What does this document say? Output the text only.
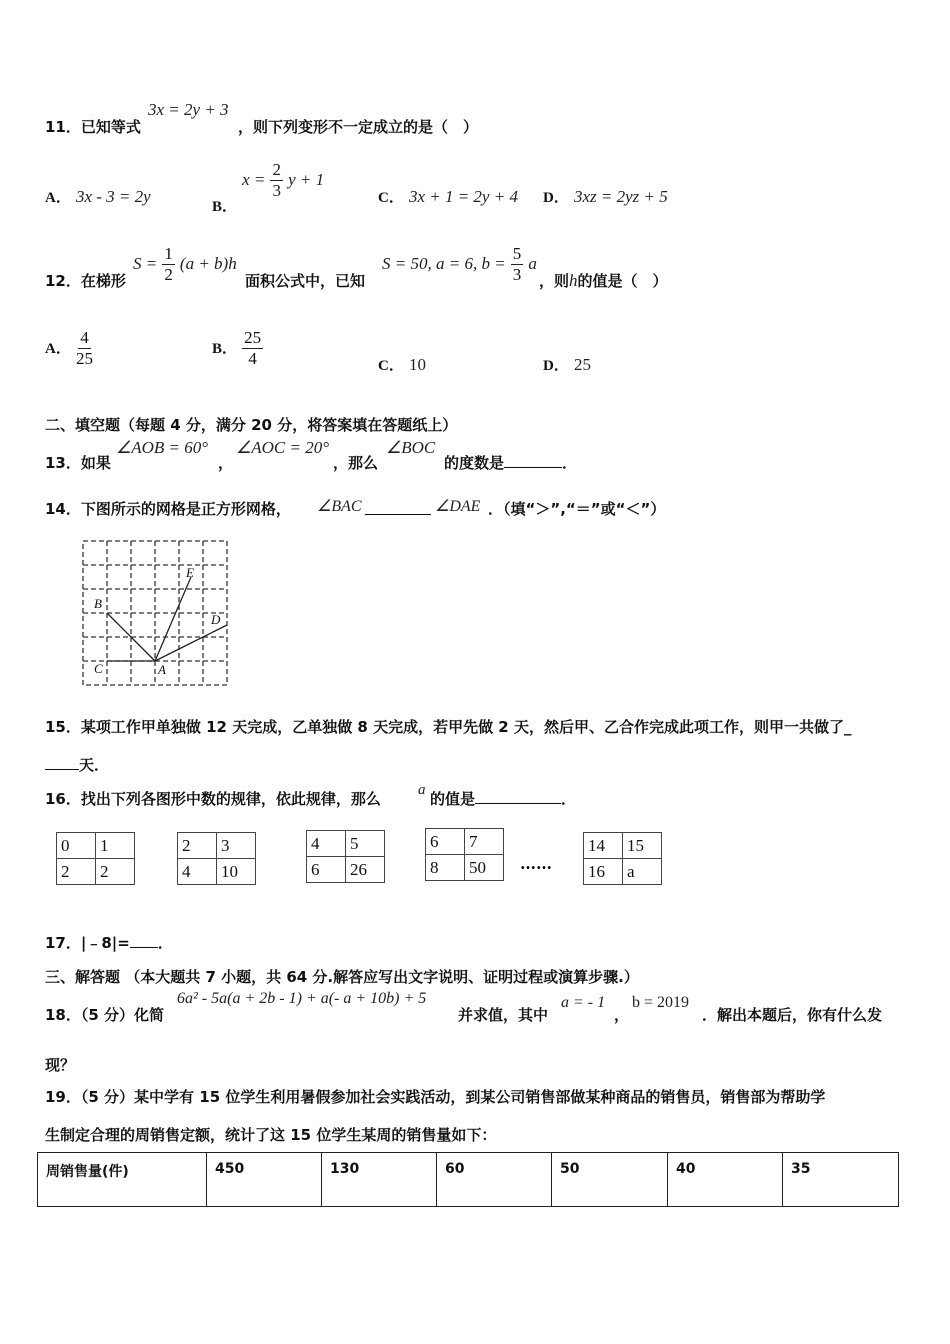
11．已知等式
3x = 2y + 3
，则下列变形不一定成立的是（　）
A． 3x - 3 = 2y
B． $x = \frac{2}{3}$ y + 1
C． 3x + 1 = 2y + 4 D． 3xz = 2yz + 5
12．在梯形
$S = \frac{1}{2} (a + b)h$
面积公式中，已知
S = 50, a = 6, $b = \frac{5}{3}$ a
，则h的值是（　）
A． $\frac{4}{25}$	B． $\frac{25}{4}$	C． 10	D． 25
二、填空题（每题 4 分，满分 20 分，将答案填在答题纸上）
13．如果
∠AOB = 60°
，
∠AOC = 20°
，那么
∠BOC
的度数是	．
14．下图所示的网格是正方形网格， ∠BAC	∠DAE ．（填“＞”,“＝”或“＜”）
B
E
D
C	A
15．某项工作甲单独做 12 天完成，乙单独做 8 天完成，若甲先做 2 天，然后甲、乙合作完成此项工作，则甲一共做了_
天．
16．找出下列各图形中数的规律，依此规律，那么 a 的值是	．
0	1
2	2
2	3
4	10
4	5
6	26
6	7
8	50 ……
14	15
16	a
17．|﹣8|= ．
三、解答题 （本大题共 7 小题，共 64 分.解答应写出文字说明、证明过程或演算步骤.）
18．（5 分）化简
6a² - 5a(a + 2b - 1) + a(- a + 10b) + 5
并求值，其中
a = - 1
，
b = 2019
．解出本题后，你有什么发
现？
19．（5 分）某中学有 15 位学生利用暑假参加社会实践活动，到某公司销售部做某种商品的销售员，销售部为帮助学
生制定合理的周销售定额，统计了这 15 位学生某周的销售量如下：
周销售量(件)	450	130	60	50	40	35
